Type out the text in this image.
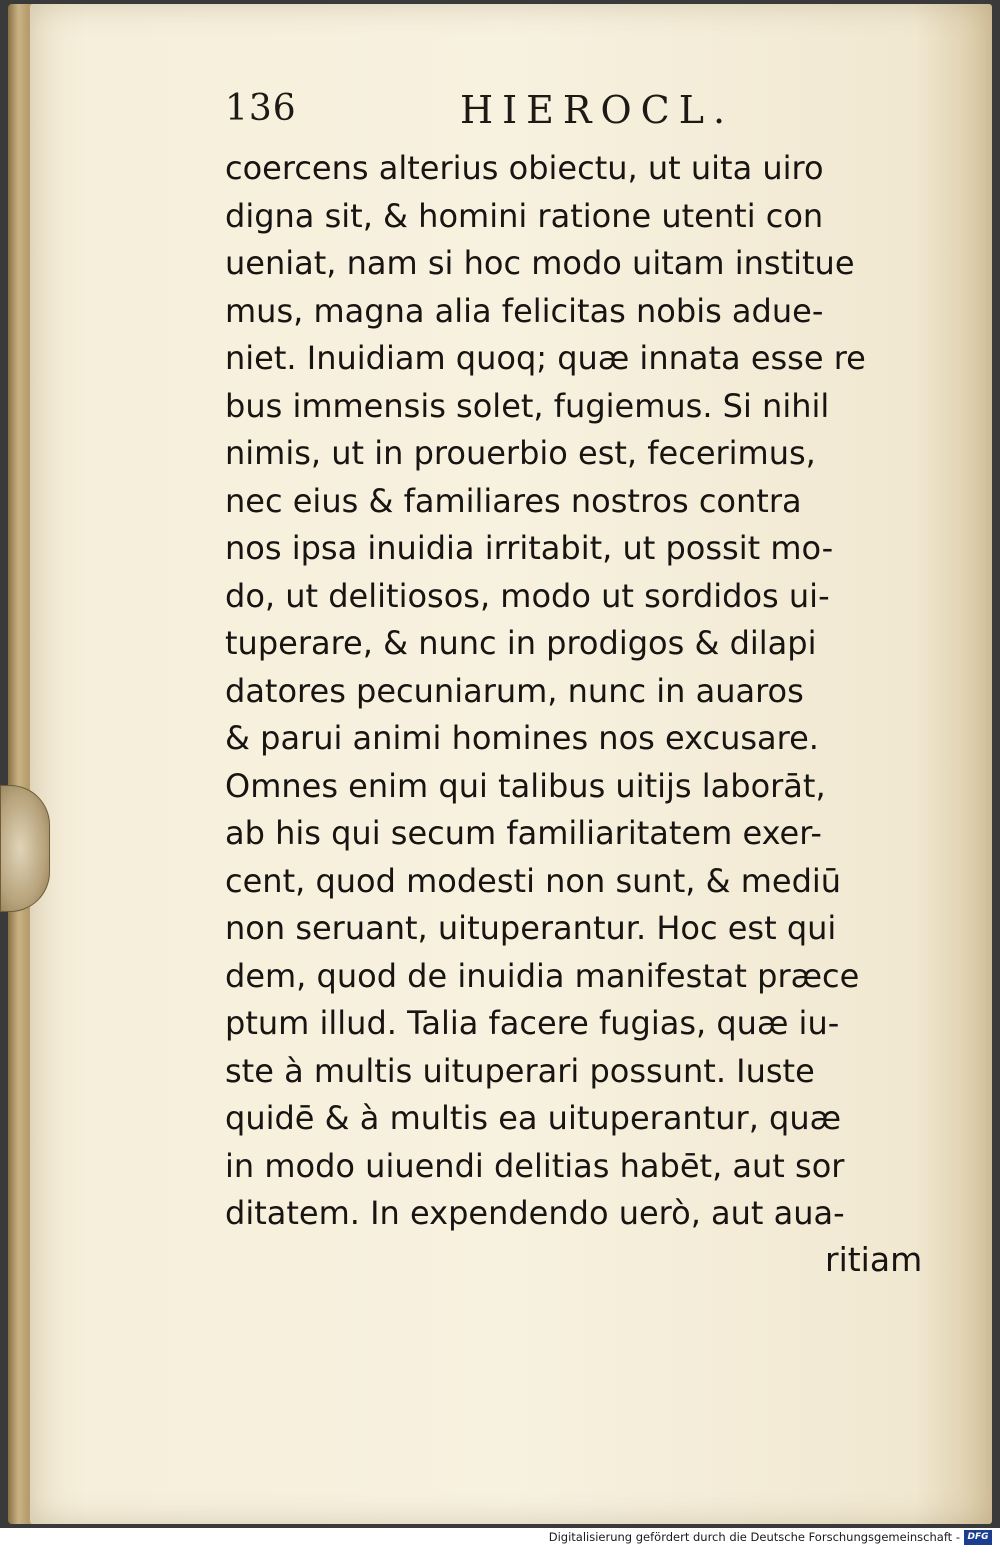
136	HIEROCL.
coercens alterius obiectu, ut uita uiro
digna sit, & homini ratione utenti con
ueniat, nam si hoc modo uitam institue
mus, magna alia felicitas nobis adue-
niet. Inuidiam quoq; quæ innata esse re
bus immensis solet, fugiemus. Si nihil
nimis, ut in prouerbio est, fecerimus,
nec eius & familiares nostros contra
nos ipsa inuidia irritabit, ut possit mo-
do, ut delitiosos, modo ut sordidos ui-
tuperare, & nunc in prodigos & dilapi
datores pecuniarum, nunc in auaros
& parui animi homines nos excusare.
Omnes enim qui talibus uitijs laborāt,
ab his qui secum familiaritatem exer-
cent, quod modesti non sunt, & mediū
non seruant, uituperantur. Hoc est qui
dem, quod de inuidia manifestat præce
ptum illud. Talia facere fugias, quæ iu-
ste à multis uituperari possunt. Iuste
quidē & à multis ea uituperantur, quæ
in modo uiuendi delitias habēt, aut sor
ditatem. In expendendo uerò, aut aua-
ritiam
Digitalisierung gefördert durch die Deutsche Forschungsgemeinschaft - DFG
